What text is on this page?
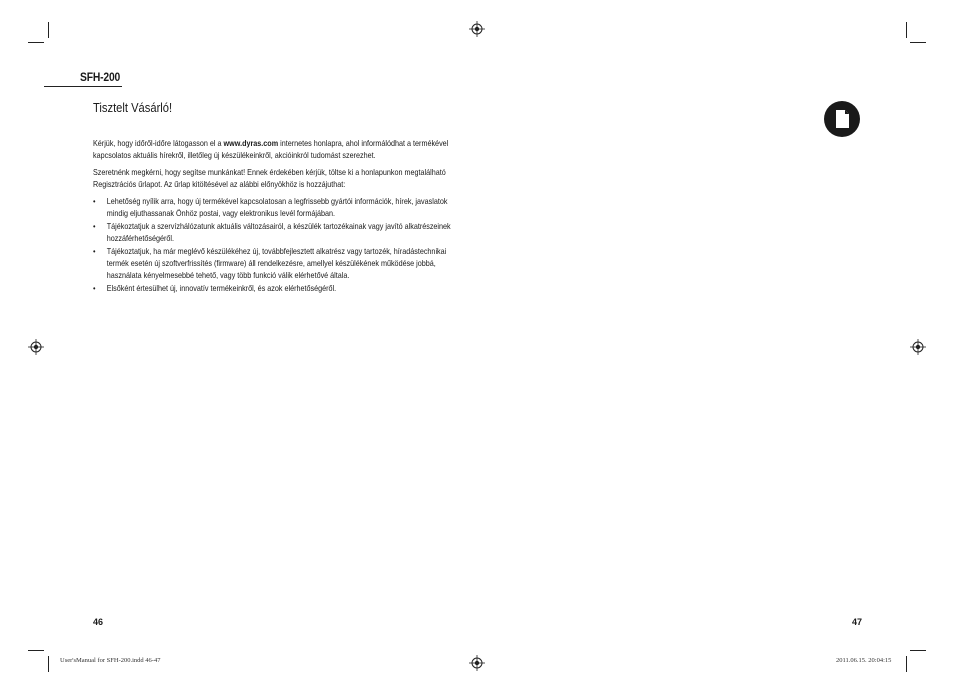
SFH-200
Tisztelt Vásárló!

Kérjük, hogy időről-időre látogasson el a www.dyras.com internetes honlapra, ahol informálódhat a termékével kapcsolatos aktuális hírekről, illetőleg új készülékeinkről, akcióinkról tudomást szerezhet.

Szeretnénk megkérni, hogy segítse munkánkat! Ennek érdekében kérjük, töltse ki a honlapunkon megtalálható Regisztrációs űrlapot. Az űrlap kitöltésével az alábbi előnyökhöz is hozzájuthat:

• Lehetőség nyílik arra, hogy új termékével kapcsolatosan a legfrissebb gyártói információk, hírek, javaslatok mindig eljuthassanak Önhöz postai, vagy elektronikus levél formájában.
• Tájékoztatjuk a szervízhálózatunk aktuális változásairól, a készülék tartozékainak vagy javító alkatrészeinek hozzáférhetőségéről.
• Tájékoztatjuk, ha már meglévő készülékéhez új, továbbfejlesztett alkatrész vagy tartozék, híradástechnikai termék esetén új szoftverfrissítés (firmware) áll rendelkezésre, amellyel készülékének működése jobbá, használata kényelmesebbé tehető, vagy több funkció válik elérhetővé általa.
• Elsőként értesülhet új, innovatív termékeinkről, és azok elérhetőségéről.
46	47
User'sManual for SFH-200.indd 46-47	2011.06.15. 20:04:15
